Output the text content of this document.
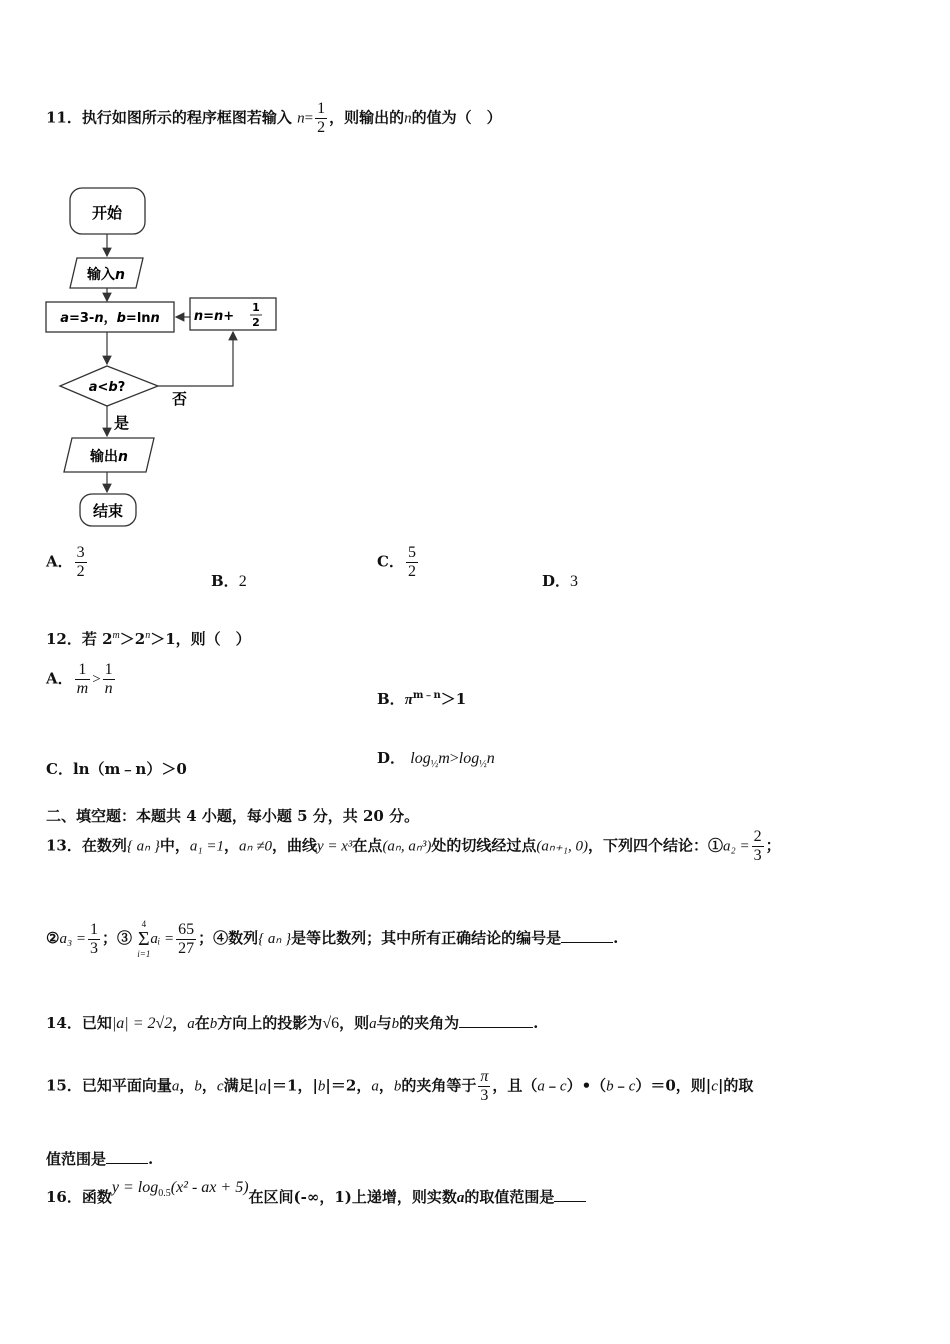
11．执行如图所示的程序框图若输入 $n= \frac{1}{2}$ ，则输出的n的值为（　）
开始
输入n
a=3-n，b=lnn	n=n+
1
2
a<b?
否
是
输出n
结束
A． $\frac{3}{2}$	B．2
C． $\frac{5}{2}$	D．3
12．若 $2^m>2^n>1$，则（　）
A． $\frac{1}{m} > \frac{1}{n}$
B．$\pi^{m﹣n}>1$
C．ln（m﹣n）＞0
D． $\log_{\frac{1}{2}}m>\log_{\frac{1}{2}}n$
二、填空题：本题共 4 小题，每小题 5 分，共 20 分。
13．在数列{ aₙ }中，a₁ =1，aₙ ≠0，曲线y = x³在点(aₙ, aₙ³)处的切线经过点(aₙ₊₁, 0)，下列四个结论：①a₂ = $\frac{2}{3}$ ；
②a₃ = $\frac{1}{3}$ ；③
4
Σ
i=1
aᵢ = $\frac{65}{27}$ ；④数列{ aₙ }是等比数列；其中所有正确结论的编号是	.
14．已知|a| = 2√2，a在b方向上的投影为√6，则a与b的夹角为	.
15．已知平面向量a，b，c满足|a|＝1，|b|＝2，a，b的夹角等于 $\frac{\pi}{3}$ ，且（a﹣c）•（b﹣c）＝0，则|c|的取
值范围是	.
16．函数$y = \log_{0.5}(x^2$ - ax + 5)在区间(-∞，1)上递增，则实数a的取值范围是
